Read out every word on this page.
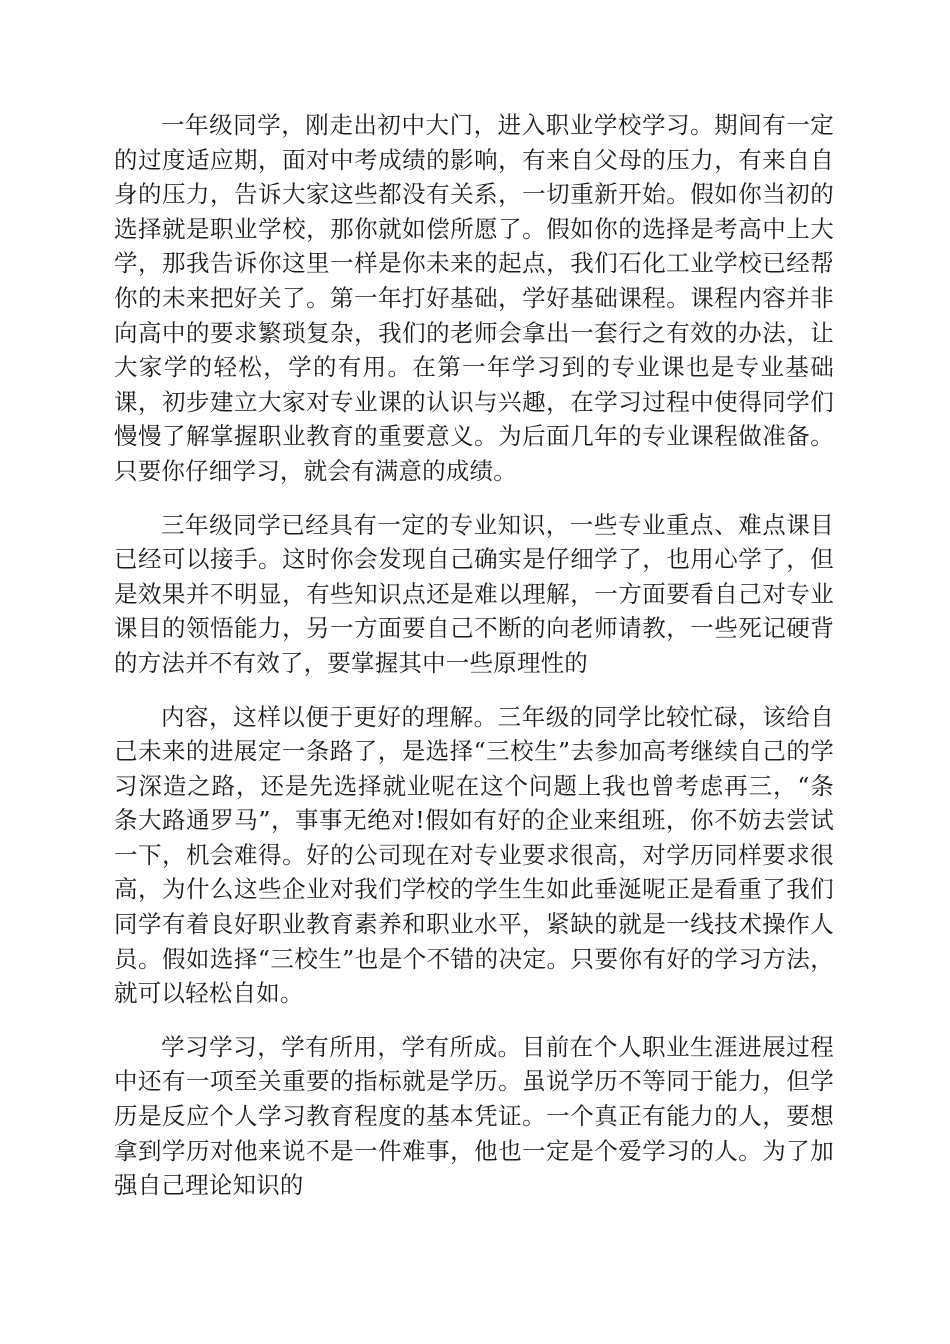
一年级同学，刚走出初中大门，进入职业学校学习。期间有一定的过度适应期，面对中考成绩的影响，有来自父母的压力，有来自自身的压力，告诉大家这些都没有关系，一切重新开始。假如你当初的选择就是职业学校，那你就如偿所愿了。假如你的选择是考高中上大学，那我告诉你这里一样是你未来的起点，我们石化工业学校已经帮你的未来把好关了。第一年打好基础，学好基础课程。课程内容并非向高中的要求繁琐复杂，我们的老师会拿出一套行之有效的办法，让大家学的轻松，学的有用。在第一年学习到的专业课也是专业基础课，初步建立大家对专业课的认识与兴趣，在学习过程中使得同学们慢慢了解掌握职业教育的重要意义。为后面几年的专业课程做准备。只要你仔细学习，就会有满意的成绩。

三年级同学已经具有一定的专业知识，一些专业重点、难点课目已经可以接手。这时你会发现自己确实是仔细学了，也用心学了，但是效果并不明显，有些知识点还是难以理解，一方面要看自己对专业课目的领悟能力，另一方面要自己不断的向老师请教，一些死记硬背的方法并不有效了，要掌握其中一些原理性的

内容，这样以便于更好的理解。三年级的同学比较忙碌，该给自己未来的进展定一条路了，是选择“三校生”去参加高考继续自己的学习深造之路，还是先选择就业呢在这个问题上我也曾考虑再三，“条条大路通罗马”，事事无绝对!假如有好的企业来组班，你不妨去尝试一下，机会难得。好的公司现在对专业要求很高，对学历同样要求很高，为什么这些企业对我们学校的学生生如此垂涎呢正是看重了我们同学有着良好职业教育素养和职业水平，紧缺的就是一线技术操作人员。假如选择“三校生”也是个不错的决定。只要你有好的学习方法，就可以轻松自如。

学习学习，学有所用，学有所成。目前在个人职业生涯进展过程中还有一项至关重要的指标就是学历。虽说学历不等同于能力，但学历是反应个人学习教育程度的基本凭证。一个真正有能力的人，要想拿到学历对他来说不是一件难事，他也一定是个爱学习的人。为了加强自己理论知识的
